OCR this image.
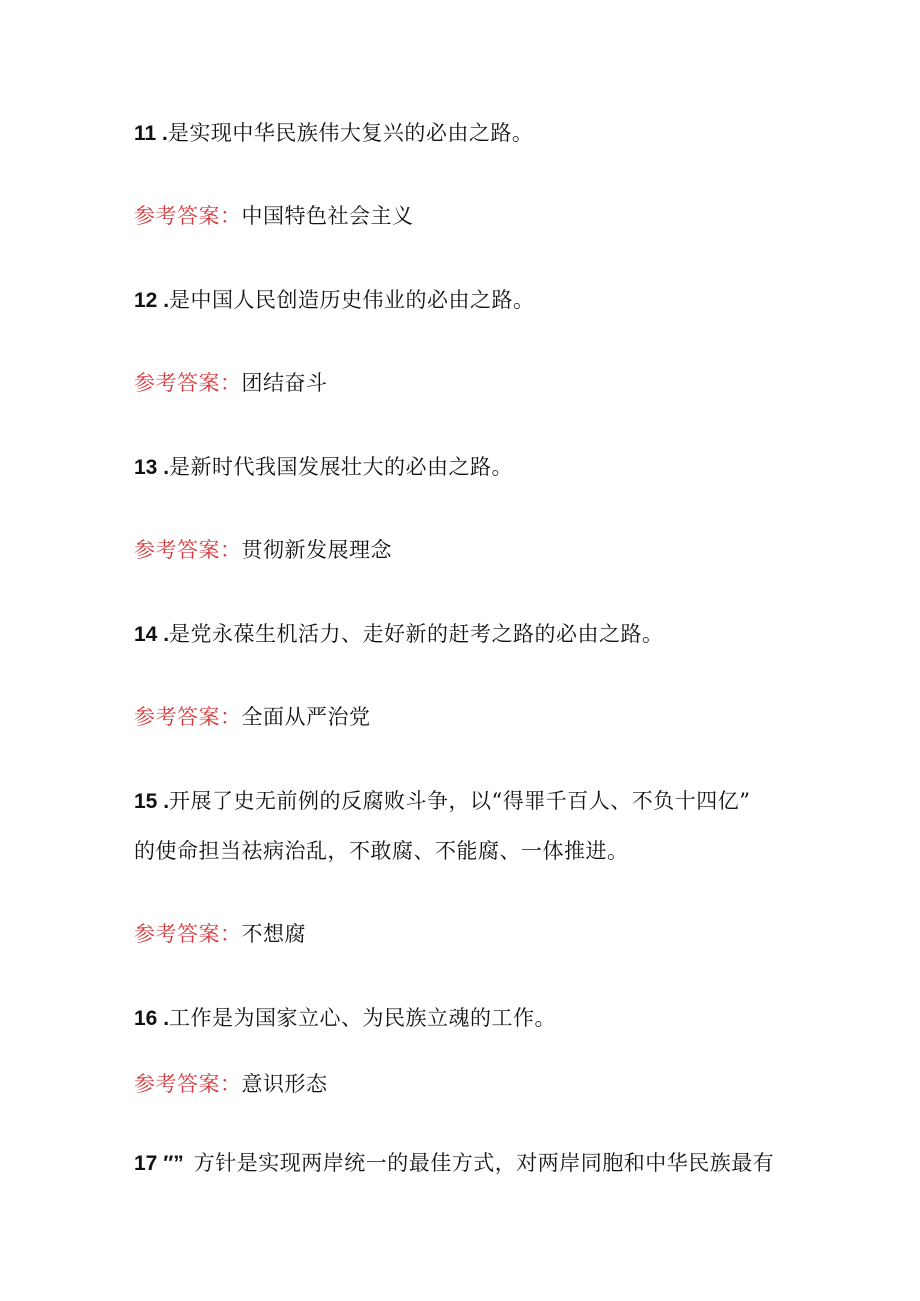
11 .是实现中华民族伟大复兴的必由之路。
参考答案：中国特色社会主义
12 .是中国人民创造历史伟业的必由之路。
参考答案：团结奋斗
13 .是新时代我国发展壮大的必由之路。
参考答案：贯彻新发展理念
14 .是党永葆生机活力、走好新的赶考之路的必由之路。
参考答案：全面从严治党
15 .开展了史无前例的反腐败斗争，以“得罪千百人、不负十四亿”
的使命担当祛病治乱，不敢腐、不能腐、一体推进。
参考答案：不想腐
16 .工作是为国家立心、为民族立魂的工作。
参考答案：意识形态
17 ″” 方针是实现两岸统一的最佳方式，对两岸同胞和中华民族最有
